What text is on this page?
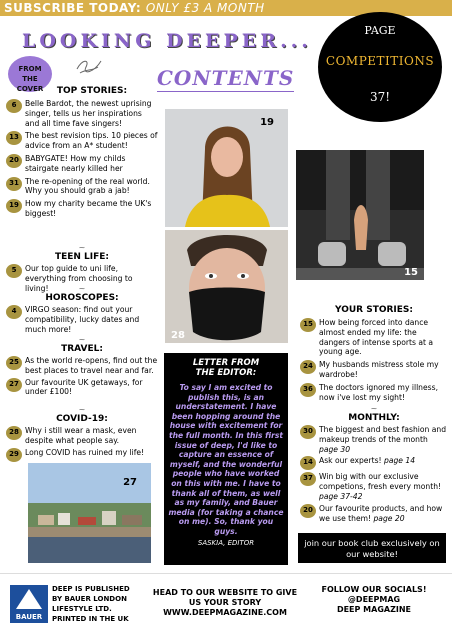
SUBSCRIBE TODAY: ONLY £3 A MONTH
LOOKING DEEPER...	PAGE
COMPETITIONS
37!
FROM
THE
COVER	CONTENTS
TOP STORIES:
6	Belle Bardot, the newest uprising singer, tells us her inspirations and all time fave singers!
13 The best revision tips. 10 pieces of advice from an A* student!
20 BABYGATE! How my childs stairgate nearly killed her
31 The re-opening of the real world. Why you should grab a jab!
19 How my charity became the UK's biggest!
~
TEEN LIFE:
5	Our top guide to uni life, everything from choosing to living!	~
HOROSCOPES:
4	VIRGO season: find out your compatibility, lucky dates and much more!
~
TRAVEL:
25 As the world re-opens, find out the best places to travel near and far.
27 Our favourite UK getaways, for under £100!
~
COVID-19:
28 Why i still wear a mask, even despite what people say.
29 Long COVID has ruined my life!
19
28
15
27
LETTER FROM
THE EDITOR:
To say I am excited to publish this, is an understatement. I have been hopping around the house with excitement for the full month. In this first issue of deep, I'd like to capture an essence of myself, and the wonderful people who have worked on this with me. I have to thank all of them, as well as my family, and Bauer media (for taking a chance on me). So, thank you guys.
SASKIA, EDITOR
YOUR STORIES:
15 How being forced into dance almost ended my life: the dangers of intense sports at a young age.
24 My husbands mistress stole my wardrobe!
36 The doctors ignored my illness, now i've lost my sight!
~
MONTHLY:
30 The biggest and best fashion and makeup trends of the month page 30
14 Ask our experts! page 14
37 Win big with our exclusive competions, fresh every month! page 37-42
20 Our favourite products, and how we use them! page 20
join our book club exclusively on our website!
BAUER
DEEP IS PUBLISHED BY BAUER LONDON LIFESTYLE LTD. PRINTED IN THE UK
HEAD TO OUR WEBSITE TO GIVE US YOUR STORY
WWW.DEEPMAGAZINE.COM
FOLLOW OUR SOCIALS!
@DEEPMAG
DEEP MAGAZINE
